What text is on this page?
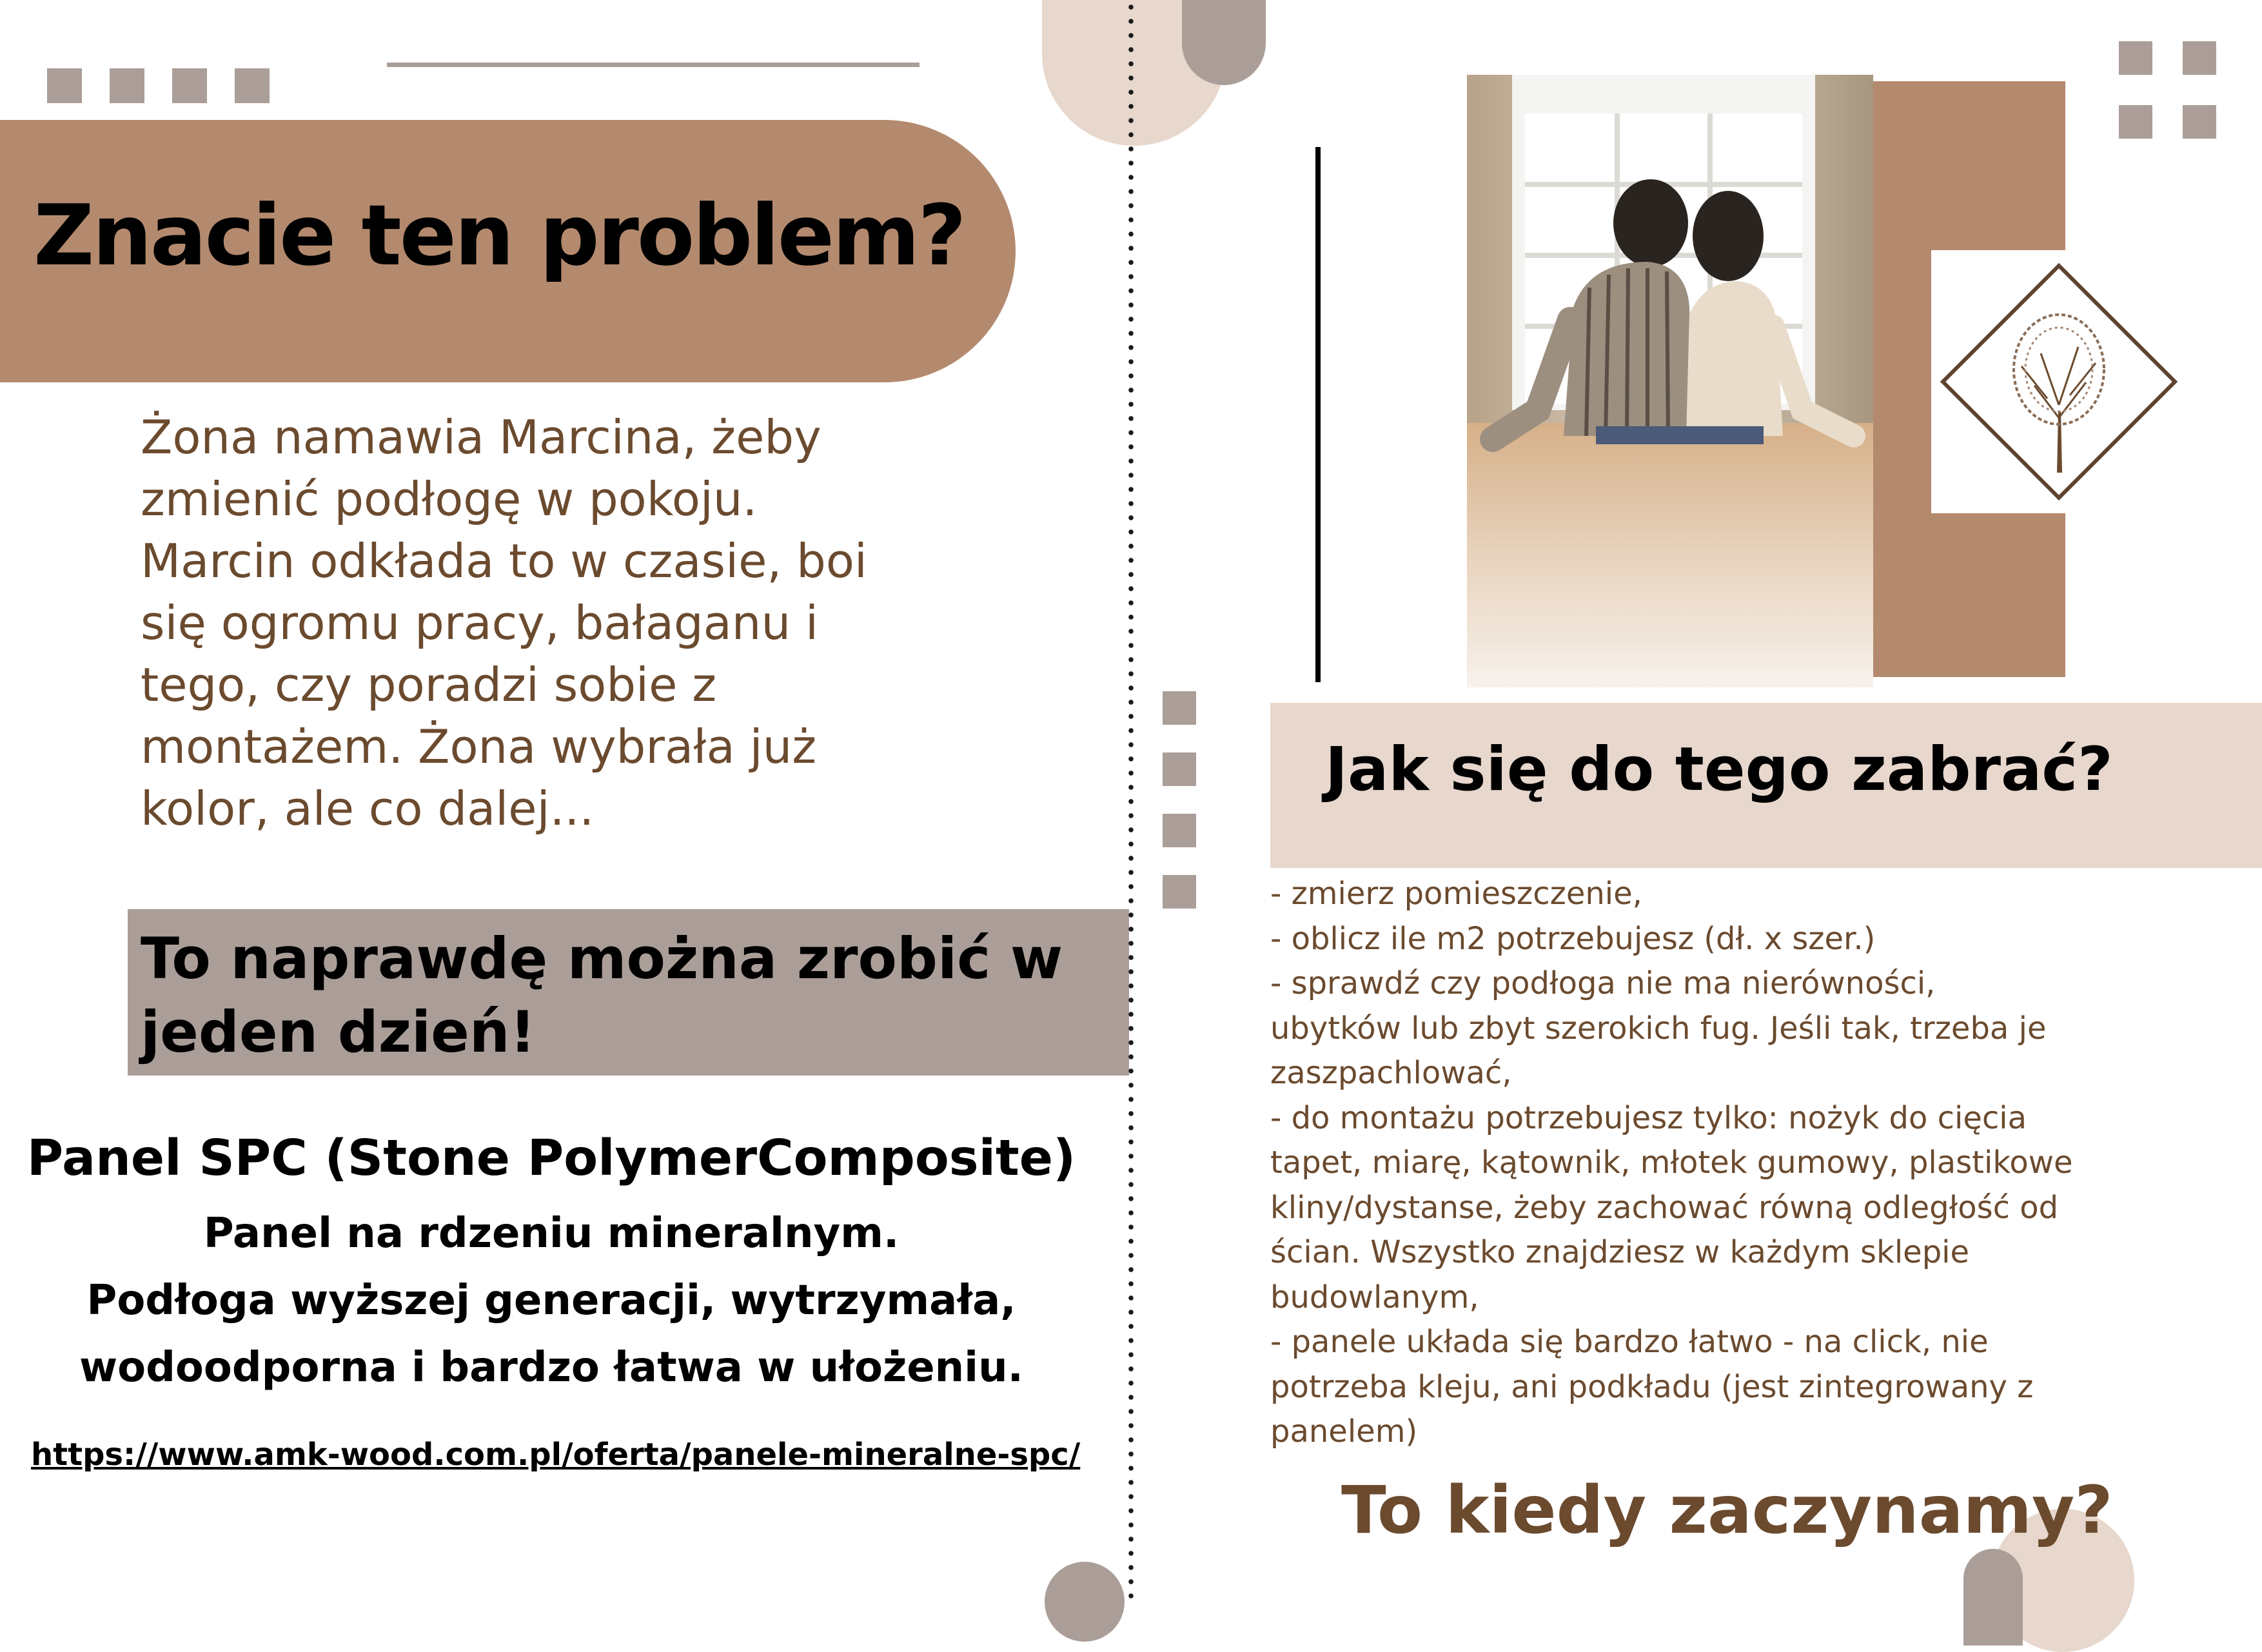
Znacie ten problem?
Żona namawia Marcina, żeby
zmienić podłogę w pokoju.
Marcin odkłada to w czasie, boi
się ogromu pracy, bałaganu i
tego, czy poradzi sobie z
montażem. Żona wybrała już
kolor, ale co dalej...
To naprawdę można zrobić w
jeden dzień!
Panel SPC (Stone PolymerComposite)
Panel na rdzeniu mineralnym.
Podłoga wyższej generacji, wytrzymała,
wodoodporna i bardzo łatwa w ułożeniu.
https://www.amk-wood.com.pl/oferta/panele-mineralne-spc/
Jak się do tego zabrać?
- zmierz pomieszczenie,
- oblicz ile m2 potrzebujesz (dł. x szer.)
- sprawdź czy podłoga nie ma nierówności,
ubytków lub zbyt szerokich fug. Jeśli tak, trzeba je
zaszpachlować,
- do montażu potrzebujesz tylko: nożyk do cięcia
tapet, miarę, kątownik, młotek gumowy, plastikowe
kliny/dystanse, żeby zachować równą odległość od
ścian. Wszystko znajdziesz w każdym sklepie
budowlanym,
- panele układa się bardzo łatwo - na click, nie
potrzeba kleju, ani podkładu (jest zintegrowany z
panelem)
To kiedy zaczynamy?
